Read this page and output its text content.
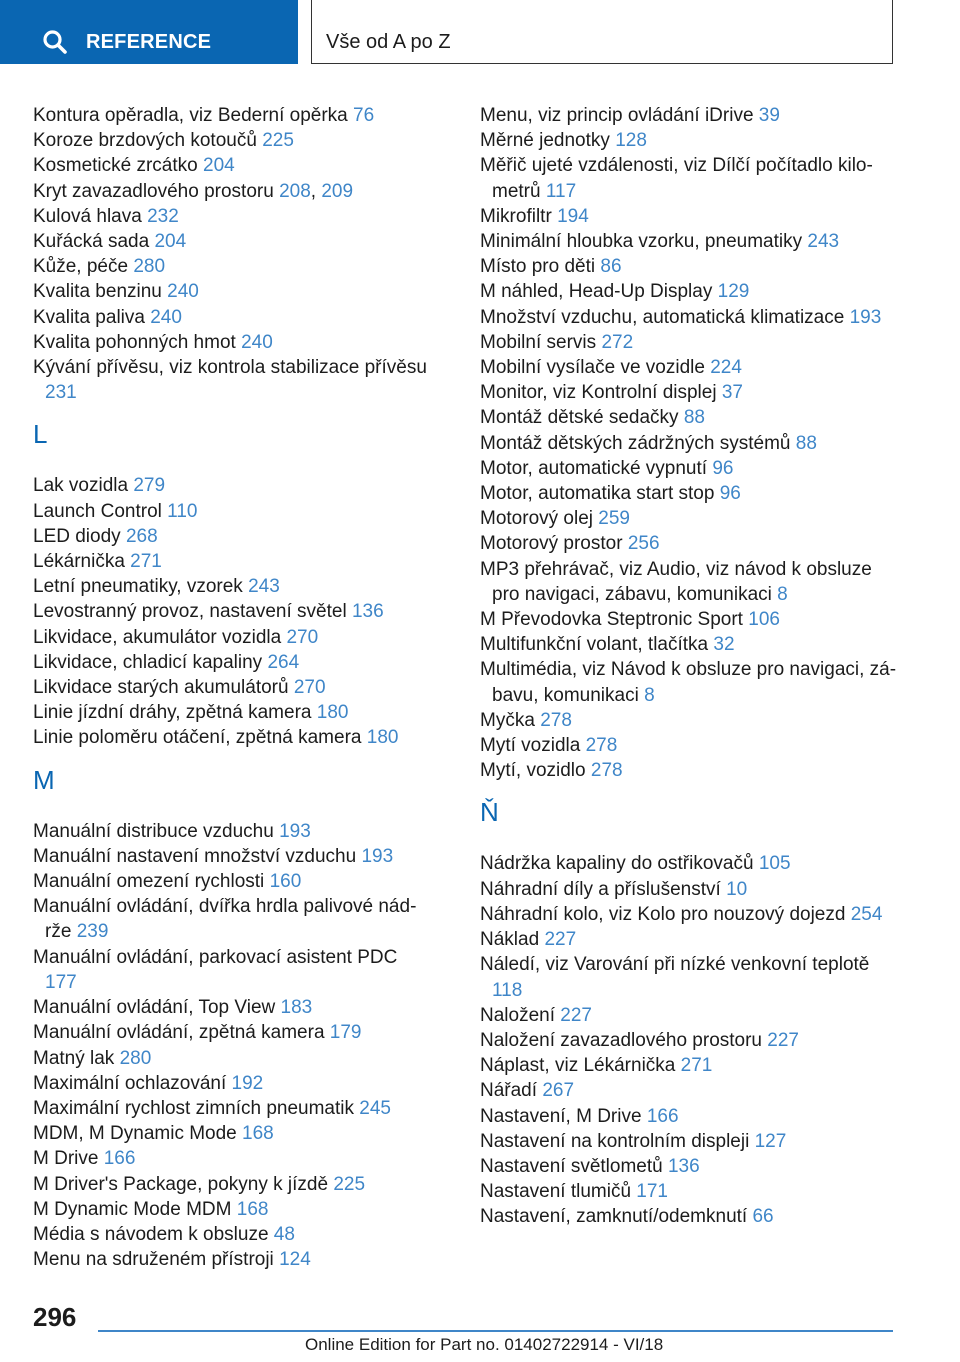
REFERENCE	Vše od A po Z
Kontura opěradla, viz Bederní opěrka 76
Koroze brzdových kotoučů 225
Kosmetické zrcátko 204
Kryt zavazadlového prostoru 208, 209
Kulová hlava 232
Kuřácká sada 204
Kůže, péče 280
Kvalita benzinu 240
Kvalita paliva 240
Kvalita pohonných hmot 240
Kývání přívěsu, viz kontrola stabilizace přívěsu 231
L
Lak vozidla 279
Launch Control 110
LED diody 268
Lékárnička 271
Letní pneumatiky, vzorek 243
Levostranný provoz, nastavení světel 136
Likvidace, akumulátor vozidla 270
Likvidace, chladicí kapaliny 264
Likvidace starých akumulátorů 270
Linie jízdní dráhy, zpětná kamera 180
Linie poloměru otáčení, zpětná kamera 180
M
Manuální distribuce vzduchu 193
Manuální nastavení množství vzduchu 193
Manuální omezení rychlosti 160
Manuální ovládání, dvířka hrdla palivové nádrže 239
Manuální ovládání, parkovací asistent PDC 177
Manuální ovládání, Top View 183
Manuální ovládání, zpětná kamera 179
Matný lak 280
Maximální ochlazování 192
Maximální rychlost zimních pneumatik 245
MDM, M Dynamic Mode 168
M Drive 166
M Driver's Package, pokyny k jízdě 225
M Dynamic Mode MDM 168
Média s návodem k obsluze 48
Menu na sdruženém přístroji 124
Menu, viz princip ovládání iDrive 39
Měrné jednotky 128
Měřič ujeté vzdálenosti, viz Dílčí počítadlo kilometrů 117
Mikrofiltr 194
Minimální hloubka vzorku, pneumatiky 243
Místo pro děti 86
M náhled, Head-Up Display 129
Množství vzduchu, automatická klimatizace 193
Mobilní servis 272
Mobilní vysílače ve vozidle 224
Monitor, viz Kontrolní displej 37
Montáž dětské sedačky 88
Montáž dětských zádržných systémů 88
Motor, automatické vypnutí 96
Motor, automatika start stop 96
Motorový olej 259
Motorový prostor 256
MP3 přehrávač, viz Audio, viz návod k obsluze pro navigaci, zábavu, komunikaci 8
M Převodovka Steptronic Sport 106
Multifunkční volant, tlačítka 32
Multimédia, viz Návod k obsluze pro navigaci, zábavu, komunikaci 8
Myčka 278
Mytí vozidla 278
Mytí, vozidlo 278
Ň
Nádržka kapaliny do ostřikovačů 105
Náhradní díly a příslušenství 10
Náhradní kolo, viz Kolo pro nouzový dojezd 254
Náklad 227
Náledí, viz Varování při nízké venkovní teplotě 118
Naložení 227
Naložení zavazadlového prostoru 227
Náplast, viz Lékárnička 271
Nářadí 267
Nastavení, M Drive 166
Nastavení na kontrolním displeji 127
Nastavení světlometů 136
Nastavení tlumičů 171
Nastavení, zamknutí/odemknutí 66
296
Online Edition for Part no. 01402722914 - VI/18
